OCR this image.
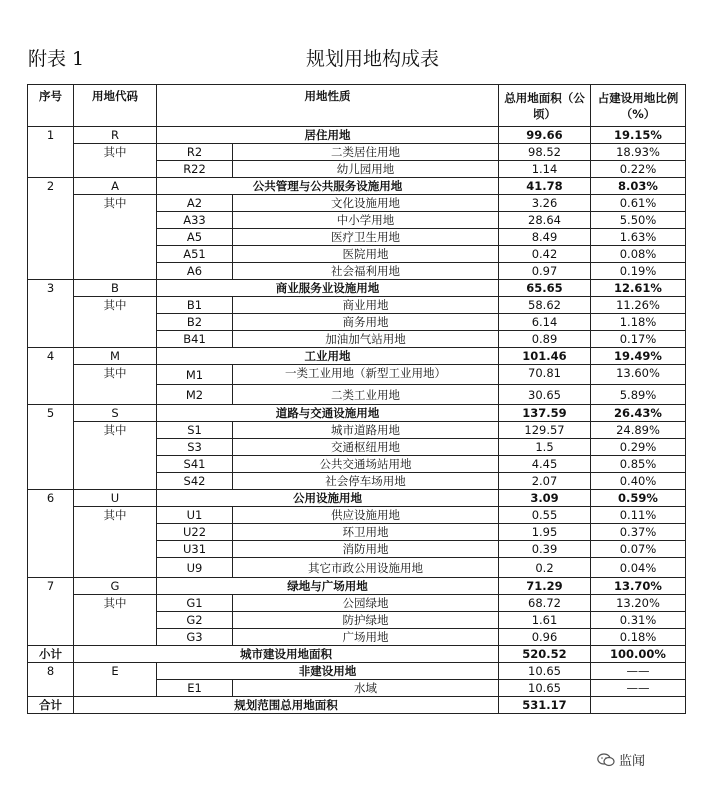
附表 1	规划用地构成表
序号	用地代码	用地性质		总用地面积（公顷）	占建设用地比例（%）
1	R	居住用地		99.66	19.15%
	其中	R2	二类居住用地	98.52	18.93%
		R22	幼儿园用地	1.14	0.22%
2	A	公共管理与公共服务设施用地		41.78	8.03%
	其中	A2	文化设施用地	3.26	0.61%
		A33	中小学用地	28.64	5.50%
		A5	医疗卫生用地	8.49	1.63%
		A51	医院用地	0.42	0.08%
		A6	社会福利用地	0.97	0.19%
3	B	商业服务业设施用地		65.65	12.61%
	其中	B1	商业用地	58.62	11.26%
		B2	商务用地	6.14	1.18%
		B41	加油加气站用地	0.89	0.17%
4	M	工业用地		101.46	19.49%
	其中	M1	一类工业用地（新型工业用地）	70.81	13.60%
		M2	二类工业用地	30.65	5.89%
5	S	道路与交通设施用地		137.59	26.43%
	其中	S1	城市道路用地	129.57	24.89%
		S3	交通枢纽用地	1.5	0.29%
		S41	公共交通场站用地	4.45	0.85%
		S42	社会停车场用地	2.07	0.40%
6	U	公用设施用地		3.09	0.59%
	其中	U1	供应设施用地	0.55	0.11%
		U22	环卫用地	1.95	0.37%
		U31	消防用地	0.39	0.07%
		U9	其它市政公用设施用地	0.2	0.04%
7	G	绿地与广场用地		71.29	13.70%
	其中	G1	公园绿地	68.72	13.20%
		G2	防护绿地	1.61	0.31%
		G3	广场用地	0.96	0.18%
小计	城市建设用地面积			520.52	100.00%
8	E	非建设用地		10.65	——
		E1	水域	10.65	——
合计	规划范围总用地面积			531.17	
监闻
